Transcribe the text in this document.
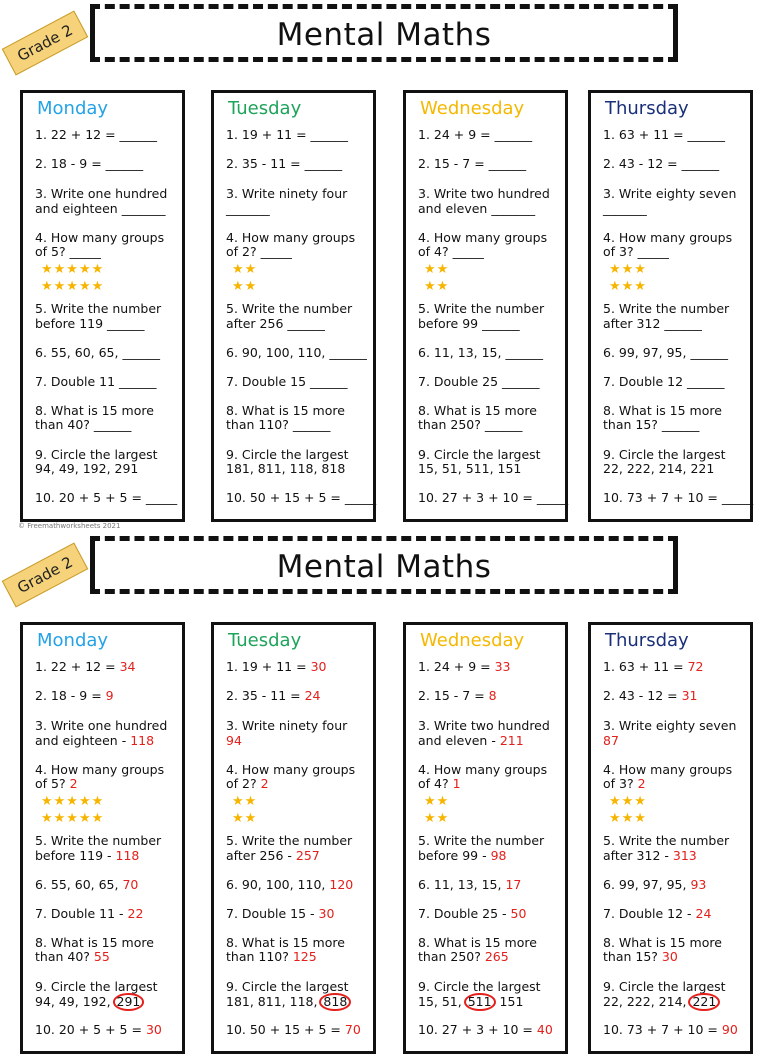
Grade 2	Mental Maths
Monday
1. 22 + 12 = ______
2. 18 - 9 = ______
3. Write one hundred
and eighteen _______
4. How many groups
of 5? _____
★★★★★
★★★★★
5. Write the number
before 119 ______
6. 55, 60, 65, ______
7. Double 11 ______
8. What is 15 more
than 40? ______
9. Circle the largest
94, 49, 192, 291
10. 20 + 5 + 5 = _____
Tuesday
1. 19 + 11 = ______
2. 35 - 11 = ______
3. Write ninety four
_______
4. How many groups
of 2? _____
★★
★★
5. Write the number
after 256 ______
6. 90, 100, 110, ______
7. Double 15 ______
8. What is 15 more
than 110? ______
9. Circle the largest
181, 811, 118, 818
10. 50 + 15 + 5 = _____
Wednesday
1. 24 + 9 = ______
2. 15 - 7 = ______
3. Write two hundred
and eleven _______
4. How many groups
of 4? _____
★★
★★
5. Write the number
before 99 ______
6. 11, 13, 15, ______
7. Double 25 ______
8. What is 15 more
than 250? ______
9. Circle the largest
15, 51, 511, 151
10. 27 + 3 + 10 = _____
Thursday
1. 63 + 11 = ______
2. 43 - 12 = ______
3. Write eighty seven
_______
4. How many groups
of 3? _____
★★★
★★★
5. Write the number
after 312 ______
6. 99, 97, 95, ______
7. Double 12 ______
8. What is 15 more
than 15? ______
9. Circle the largest
22, 222, 214, 221
10. 73 + 7 + 10 = _____
© Freemathworksheets 2021
Grade 2	Mental Maths
Monday
1. 22 + 12 = 34
2. 18 - 9 = 9
3. Write one hundred
and eighteen - 118
4. How many groups
of 5? 2
★★★★★
★★★★★
5. Write the number
before 119 - 118
6. 55, 60, 65, 70
7. Double 11 - 22
8. What is 15 more
than 40? 55
9. Circle the largest
94, 49, 192, 291
10. 20 + 5 + 5 = 30
Tuesday
1. 19 + 11 = 30
2. 35 - 11 = 24
3. Write ninety four
94
4. How many groups
of 2? 2
★★
★★
5. Write the number
after 256 - 257
6. 90, 100, 110, 120
7. Double 15 - 30
8. What is 15 more
than 110? 125
9. Circle the largest
181, 811, 118, 818
10. 50 + 15 + 5 = 70
Wednesday
1. 24 + 9 = 33
2. 15 - 7 = 8
3. Write two hundred
and eleven - 211
4. How many groups
of 4? 1
★★
★★
5. Write the number
before 99 - 98
6. 11, 13, 15, 17
7. Double 25 - 50
8. What is 15 more
than 250? 265
9. Circle the largest
15, 51, 511 151
10. 27 + 3 + 10 = 40
Thursday
1. 63 + 11 = 72
2. 43 - 12 = 31
3. Write eighty seven
87
4. How many groups
of 3? 2
★★★
★★★
5. Write the number
after 312 - 313
6. 99, 97, 95, 93
7. Double 12 - 24
8. What is 15 more
than 15? 30
9. Circle the largest
22, 222, 214, 221
10. 73 + 7 + 10 = 90
